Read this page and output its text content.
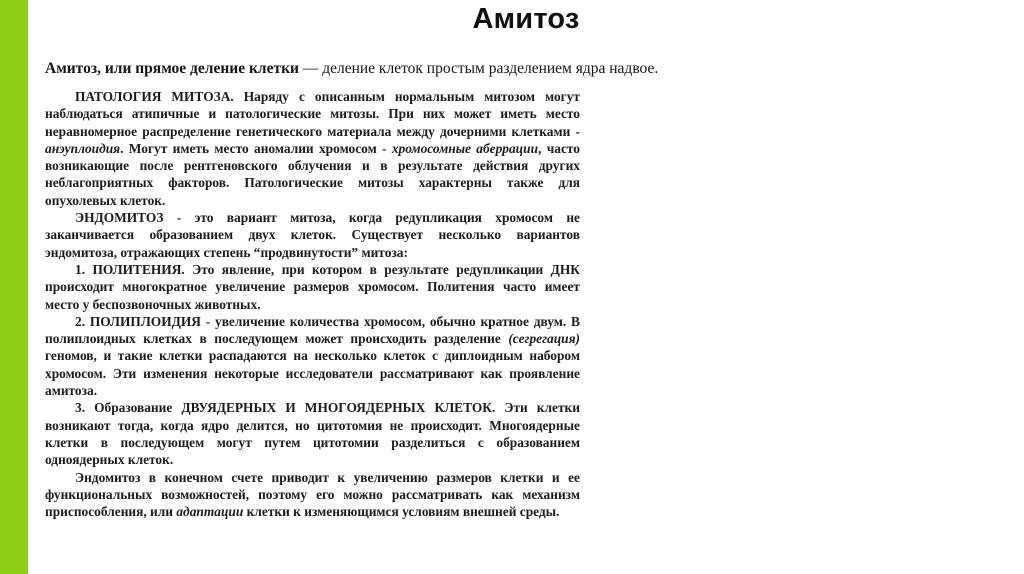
Амитоз
Амитоз, или прямое деление клетки — деление клеток простым разделением ядра надвое.

ПАТОЛОГИЯ МИТОЗА. Наряду с описанным нормальным митозом могут наблюдаться атипичные и патологические митозы. При них может иметь место неравномерное распределение генетического материала между дочерними клетками - анэуплоидия. Могут иметь место аномалии хромосом - хромосомные аберрации, часто возникающие после рентгеновского облучения и в результате действия других неблагоприятных факторов. Патологические митозы характерны также для опухолевых клеток.

ЭНДОМИТОЗ - это вариант митоза, когда редупликация хромосом не заканчивается образованием двух клеток. Существует несколько вариантов эндомитоза, отражающих степень “продвинутости” митоза:

1. ПОЛИТЕНИЯ. Это явление, при котором в результате редупликации ДНК происходит многократное увеличение размеров хромосом. Политения часто имеет место у беспозвоночных животных.

2. ПОЛИПЛОИДИЯ - увеличение количества хромосом, обычно кратное двум. В полиплоидных клетках в последующем может происходить разделение (сегрегация) геномов, и такие клетки распадаются на несколько клеток с диплоидным набором хромосом. Эти изменения некоторые исследователи рассматривают как проявление амитоза.

3. Образование ДВУЯДЕРНЫХ И МНОГОЯДЕРНЫХ КЛЕТОК. Эти клетки возникают тогда, когда ядро делится, но цитотомия не происходит. Многоядерные клетки в последующем могут путем цитотомии разделиться с образованием одноядерных клеток.

Эндомитоз в конечном счете приводит к увеличению размеров клетки и ее функциональных возможностей, поэтому его можно рассматривать как механизм приспособления, или адаптации клетки к изменяющимся условиям внешней среды.
